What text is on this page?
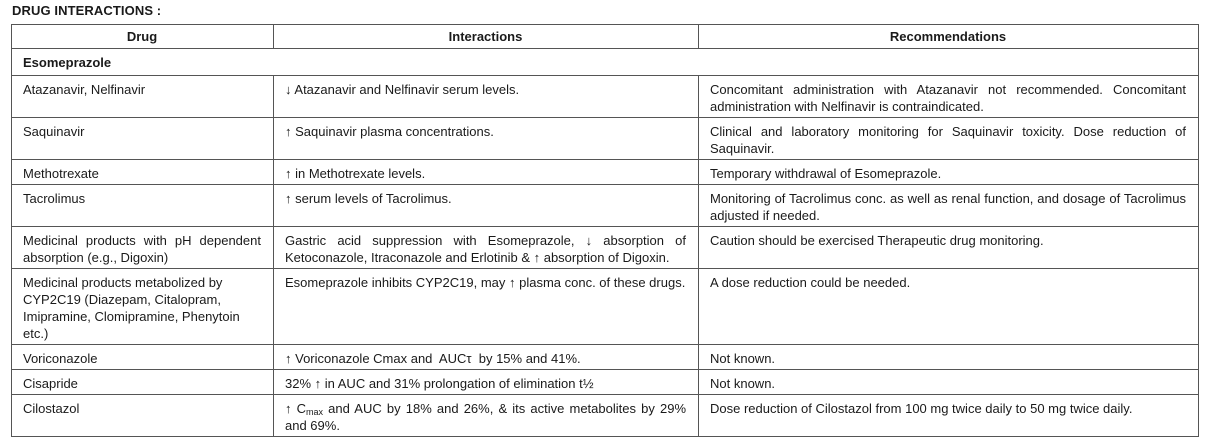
DRUG INTERACTIONS :
Drug	Interactions	Recommendations
Esomeprazole		
Atazanavir, Nelfinavir	↓ Atazanavir and Nelfinavir serum levels.	Concomitant administration with Atazanavir not recommended. Concomitant administration with Nelfinavir is contraindicated.
Saquinavir	↑ Saquinavir plasma concentrations.	Clinical and laboratory monitoring for Saquinavir toxicity. Dose reduction of Saquinavir.
Methotrexate	↑ in Methotrexate levels.	Temporary withdrawal of Esomeprazole.
Tacrolimus	↑ serum levels of Tacrolimus.	Monitoring of Tacrolimus conc. as well as renal function, and dosage of Tacrolimus adjusted if needed.
Medicinal products with pH dependent absorption (e.g., Digoxin)	Gastric acid suppression with Esomeprazole, ↓ absorption of Ketoconazole, Itraconazole and Erlotinib & ↑ absorption of Digoxin.	Caution should be exercised Therapeutic drug monitoring.
Medicinal products metabolized by CYP2C19 (Diazepam, Citalopram, Imipramine, Clomipramine, Phenytoin etc.)	Esomeprazole inhibits CYP2C19, may ↑ plasma conc. of these drugs.	A dose reduction could be needed.
Voriconazole	↑ Voriconazole Cmax and  AUCτ  by 15% and 41%.	Not known.
Cisapride	32% ↑ in AUC and 31% prolongation of elimination t½	Not known.
Cilostazol	↑ $C_{max}$ and AUC by 18% and 26%, & its active metabolites by 29% and 69%.	Dose reduction of Cilostazol from 100 mg twice daily to 50 mg twice daily.
